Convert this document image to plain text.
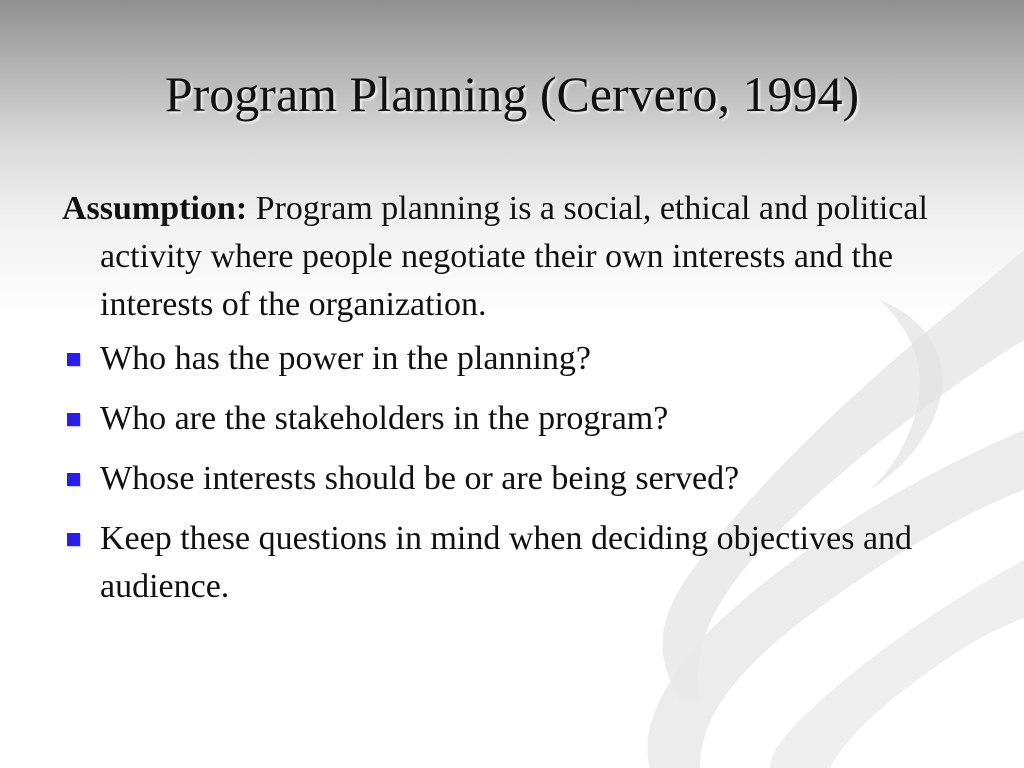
Program Planning (Cervero, 1994)

Assumption: Program planning is a social, ethical and political activity where people negotiate their own interests and the interests of the organization.

Who has the power in the planning?
Who are the stakeholders in the program?
Whose interests should be or are being served?
Keep these questions in mind when deciding objectives and audience.
